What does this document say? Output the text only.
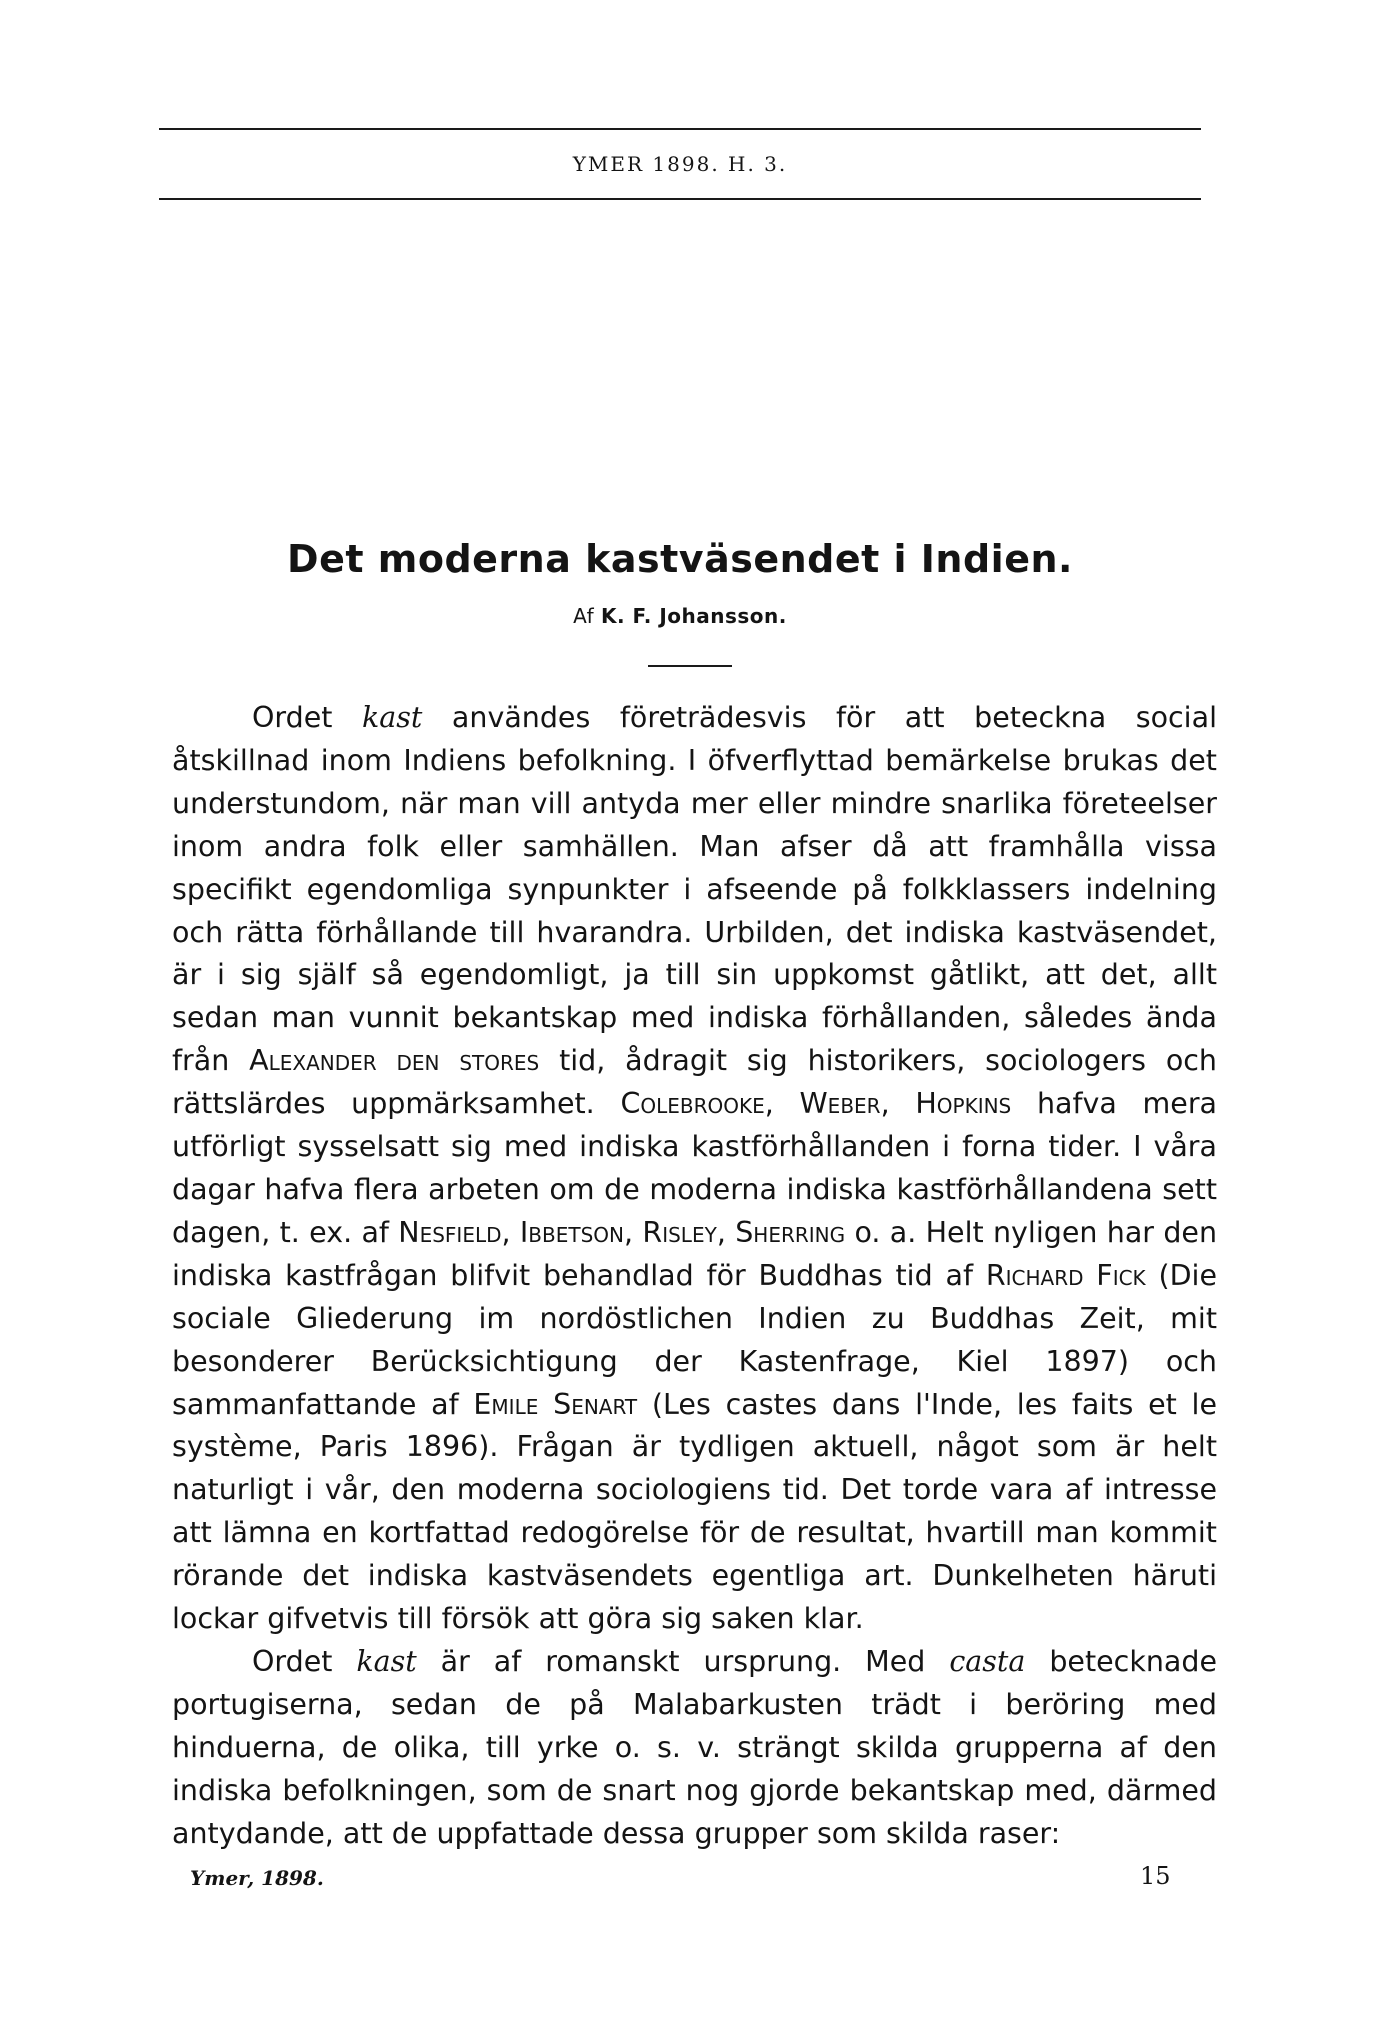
YMER 1898. H. 3.
Det moderna kastväsendet i Indien.
Af K. F. Johansson.

Ordet kast användes företrädesvis för att beteckna social åtskillnad inom Indiens befolkning. I öfverflyttad bemärkelse brukas det understundom, när man vill antyda mer eller mindre snarlika företeelser inom andra folk eller samhällen. Man afser då att framhålla vissa specifikt egendomliga synpunkter i afseende på folkklassers indelning och rätta förhållande till hvarandra. Urbilden, det indiska kastväsendet, är i sig själf så egendomligt, ja till sin uppkomst gåtlikt, att det, allt sedan man vunnit bekantskap med indiska förhållanden, således ända från Alexander den stores tid, ådragit sig historikers, sociologers och rättslärdes uppmärksamhet. Colebrooke, Weber, Hopkins hafva mera utförligt sysselsatt sig med indiska kastförhållanden i forna tider. I våra dagar hafva flera arbeten om de moderna indiska kastförhållandena sett dagen, t. ex. af Nesfield, Ibbetson, Risley, Sherring o. a. Helt nyligen har den indiska kastfrågan blifvit behandlad för Buddhas tid af Richard Fick (Die sociale Gliederung im nordöstlichen Indien zu Buddhas Zeit, mit besonderer Berücksichtigung der Kastenfrage, Kiel 1897) och sammanfattande af Emile Senart (Les castes dans l'Inde, les faits et le système, Paris 1896). Frågan är tydligen aktuell, något som är helt naturligt i vår, den moderna sociologiens tid. Det torde vara af intresse att lämna en kortfattad redogörelse för de resultat, hvartill man kommit rörande det indiska kastväsendets egentliga art. Dunkelheten häruti lockar gifvetvis till försök att göra sig saken klar.

Ordet kast är af romanskt ursprung. Med casta betecknade portugiserna, sedan de på Malabarkusten trädt i beröring med hinduerna, de olika, till yrke o. s. v. strängt skilda grupperna af den indiska befolkningen, som de snart nog gjorde bekantskap med, därmed antydande, att de uppfattade dessa grupper som skilda raser:

Ymer, 1898.	15
